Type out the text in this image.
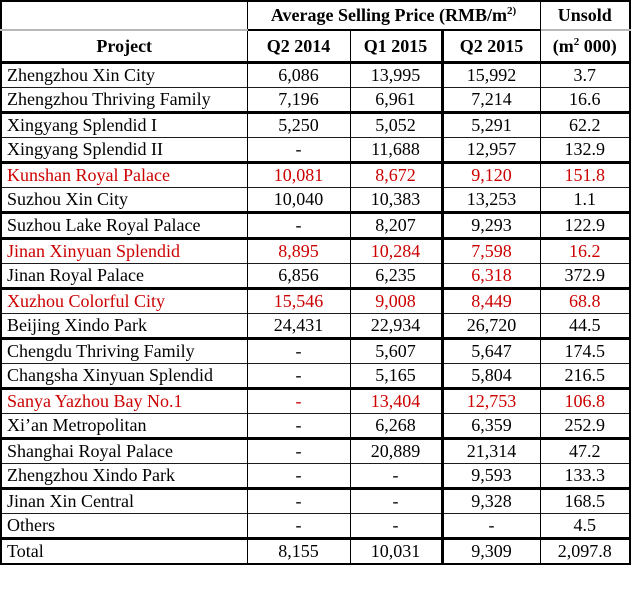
	Average Selling Price ($RMB/m^{2)}$			Unsold
Project	Q2 2014	Q1 2015	Q2 2015	($m^2$ 000)
Zhengzhou Xin City	6,086	13,995	15,992	3.7
Zhengzhou Thriving Family	7,196	6,961	7,214	16.6
Xingyang Splendid I	5,250	5,052	5,291	62.2
Xingyang Splendid II	-	11,688	12,957	132.9
Kunshan Royal Palace	10,081	8,672	9,120	151.8
Suzhou Xin City	10,040	10,383	13,253	1.1
Suzhou Lake Royal Palace	-	8,207	9,293	122.9
Jinan Xinyuan Splendid	8,895	10,284	7,598	16.2
Jinan Royal Palace	6,856	6,235	6,318	372.9
Xuzhou Colorful City	15,546	9,008	8,449	68.8
Beijing Xindo Park	24,431	22,934	26,720	44.5
Chengdu Thriving Family	-	5,607	5,647	174.5
Changsha Xinyuan Splendid	-	5,165	5,804	216.5
Sanya Yazhou Bay No.1	-	13,404	12,753	106.8
Xi’an Metropolitan	-	6,268	6,359	252.9
Shanghai Royal Palace	-	20,889	21,314	47.2
Zhengzhou Xindo Park	-	-	9,593	133.3
Jinan Xin Central	-	-	9,328	168.5
Others	-	-	-	4.5
Total	8,155	10,031	9,309	2,097.8
